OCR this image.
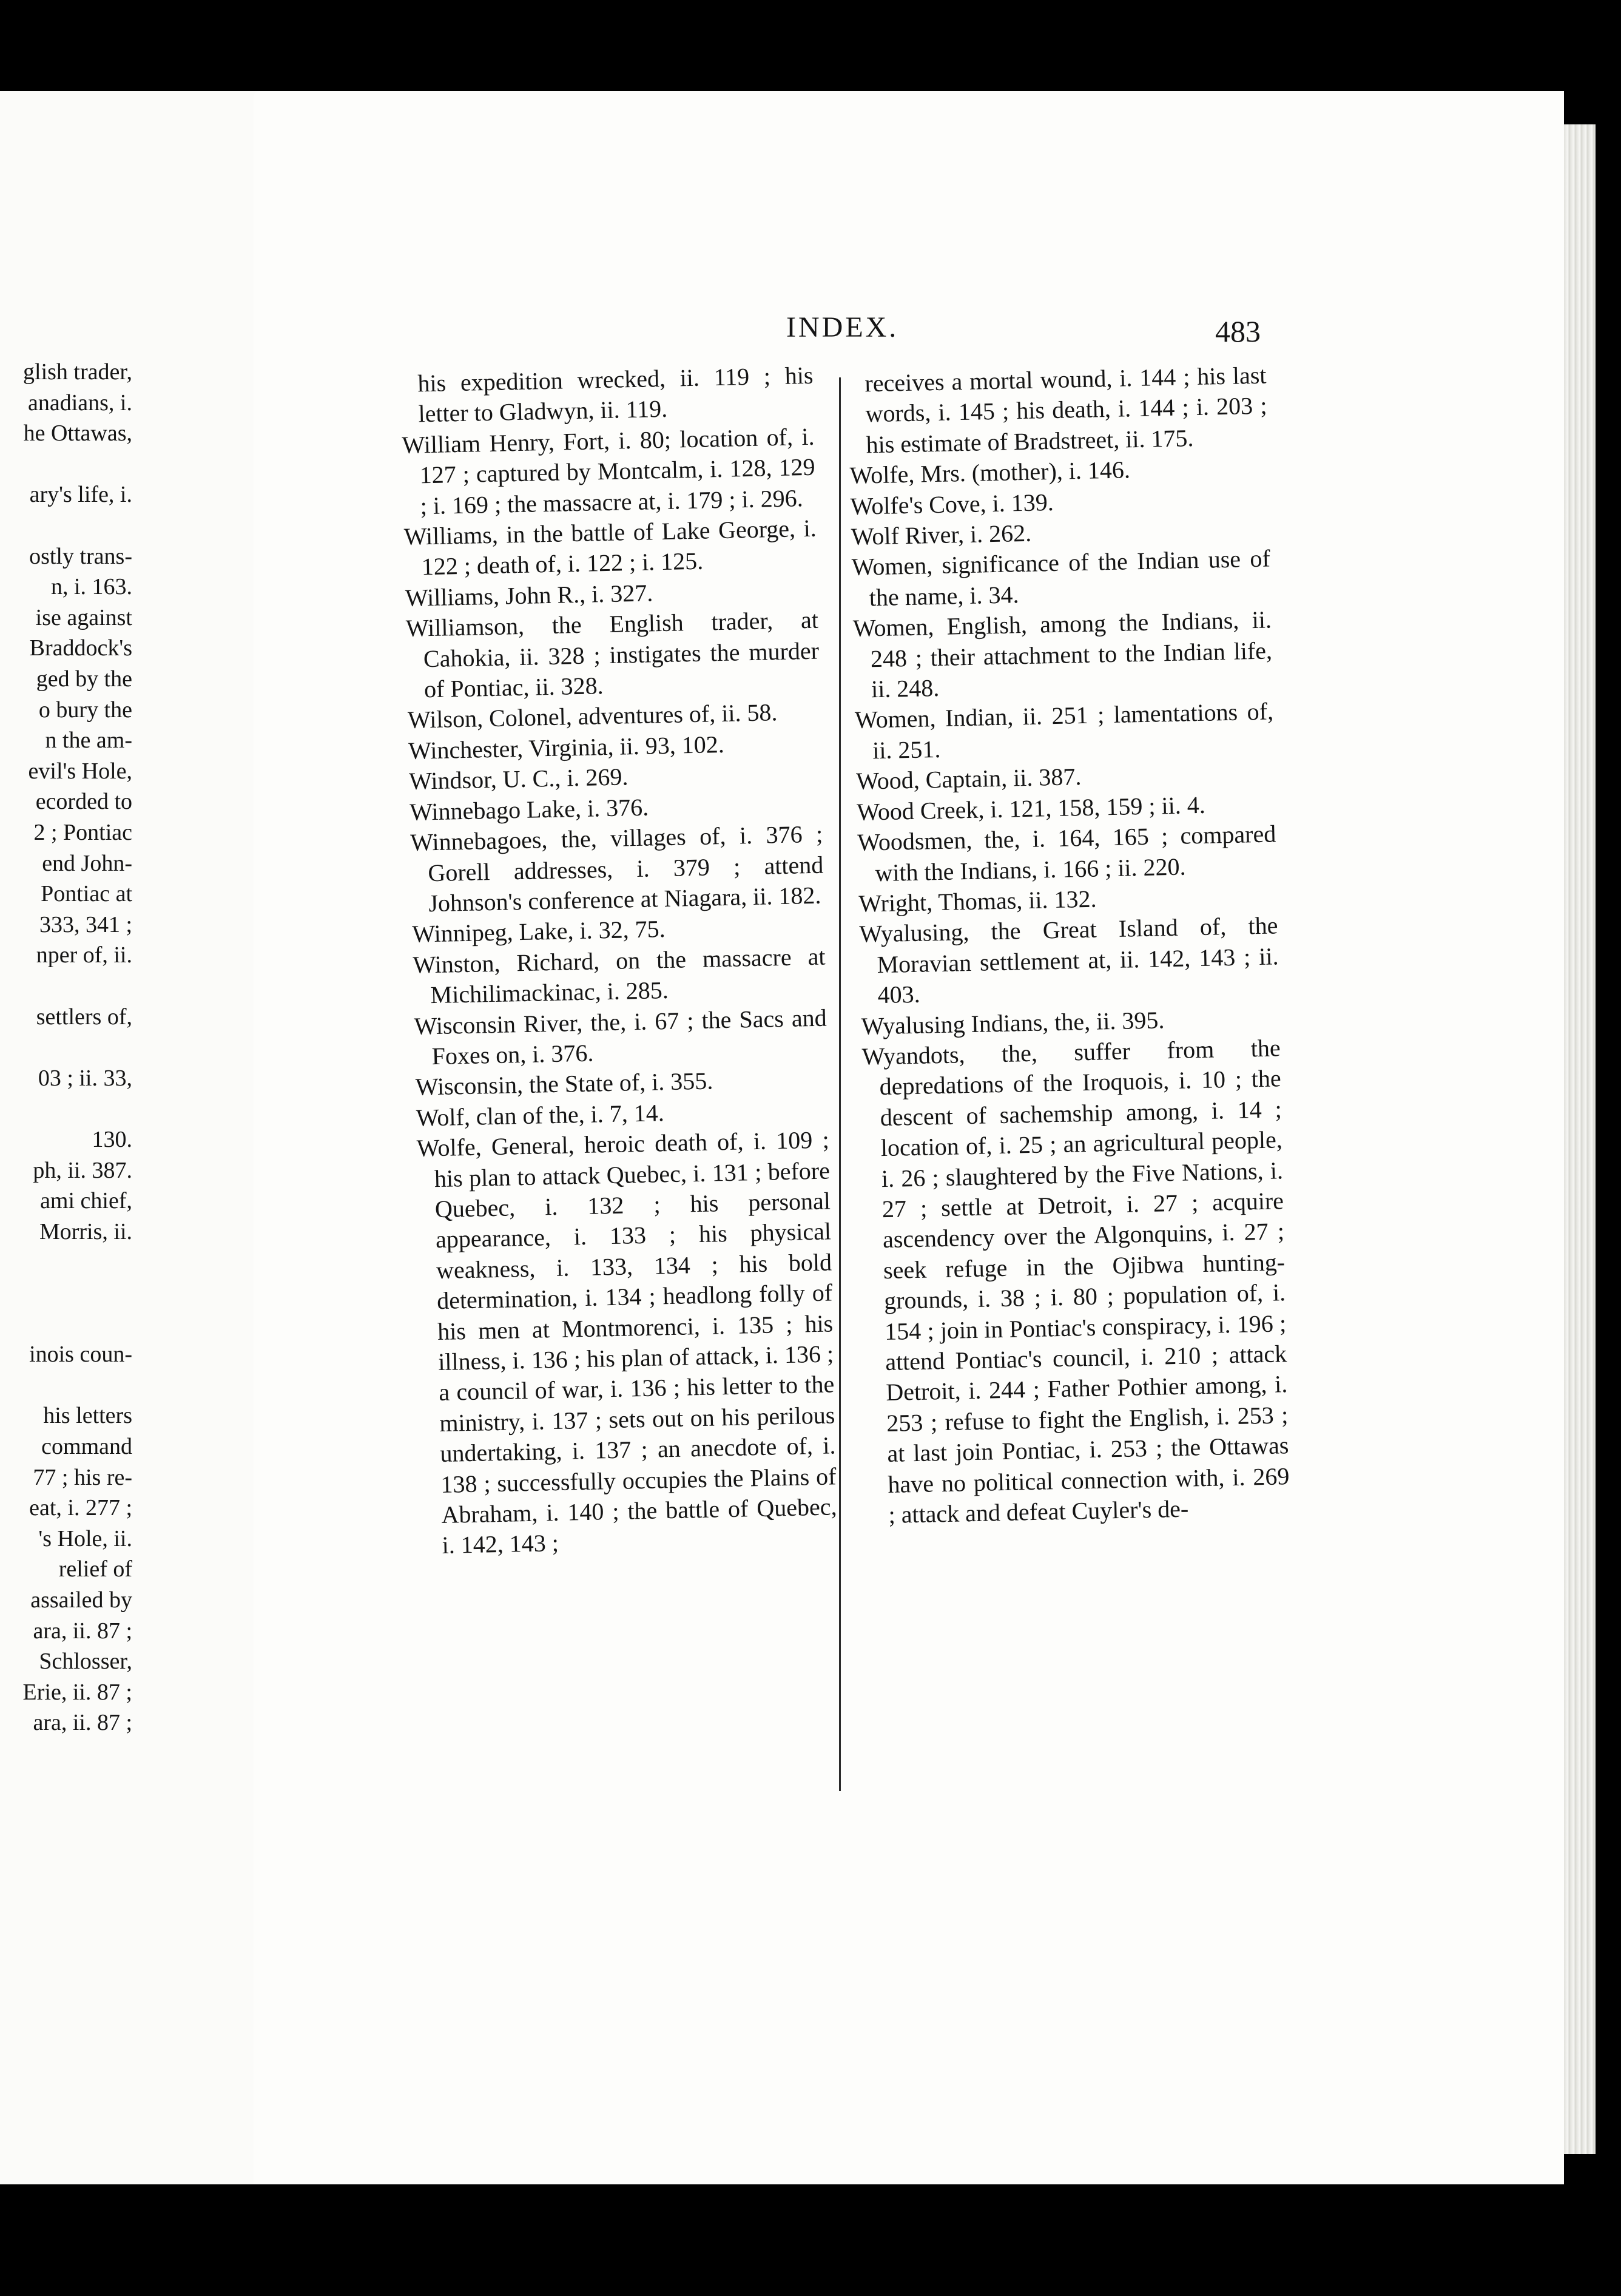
glish trader,
anadians, i.
he Ottawas,
ary's life, i.
ostly trans-
n, i. 163.
ise against
Braddock's
ged by the
o bury the
n the am-
evil's Hole,
ecorded to
2 ; Pontiac
end John-
Pontiac at
333, 341 ;
nper of, ii.
settlers of,
03 ; ii. 33,
130.
ph, ii. 387.
ami chief,
Morris, ii.
inois coun-
his letters
command
77 ; his re-
eat, i. 277 ;
's Hole, ii.
relief of
assailed by
ara, ii. 87 ;
Schlosser,
Erie, ii. 87 ;
ara, ii. 87 ;
INDEX.	483

his expedition wrecked, ii. 119 ; his letter to Gladwyn, ii. 119.

William Henry, Fort, i. 80; location of, i. 127 ; captured by Montcalm, i. 128, 129 ; i. 169 ; the massacre at, i. 179 ; i. 296.

Williams, in the battle of Lake George, i. 122 ; death of, i. 122 ; i. 125.

Williams, John R., i. 327.

Williamson, the English trader, at Cahokia, ii. 328 ; instigates the murder of Pontiac, ii. 328.

Wilson, Colonel, adventures of, ii. 58.

Winchester, Virginia, ii. 93, 102.

Windsor, U. C., i. 269.

Winnebago Lake, i. 376.

Winnebagoes, the, villages of, i. 376 ; Gorell addresses, i. 379 ; attend Johnson's conference at Niagara, ii. 182.

Winnipeg, Lake, i. 32, 75.

Winston, Richard, on the massacre at Michilimackinac, i. 285.

Wisconsin River, the, i. 67 ; the Sacs and Foxes on, i. 376.

Wisconsin, the State of, i. 355.

Wolf, clan of the, i. 7, 14.

Wolfe, General, heroic death of, i. 109 ; his plan to attack Quebec, i. 131 ; before Quebec, i. 132 ; his personal appearance, i. 133 ; his physical weakness, i. 133, 134 ; his bold determination, i. 134 ; headlong folly of his men at Montmorenci, i. 135 ; his illness, i. 136 ; his plan of attack, i. 136 ; a council of war, i. 136 ; his letter to the ministry, i. 137 ; sets out on his perilous undertaking, i. 137 ; an anecdote of, i. 138 ; successfully occupies the Plains of Abraham, i. 140 ; the battle of Quebec, i. 142, 143 ;

receives a mortal wound, i. 144 ; his last words, i. 145 ; his death, i. 144 ; i. 203 ; his estimate of Bradstreet, ii. 175.

Wolfe, Mrs. (mother), i. 146.

Wolfe's Cove, i. 139.

Wolf River, i. 262.

Women, significance of the Indian use of the name, i. 34.

Women, English, among the Indians, ii. 248 ; their attachment to the Indian life, ii. 248.

Women, Indian, ii. 251 ; lamentations of, ii. 251.

Wood, Captain, ii. 387.

Wood Creek, i. 121, 158, 159 ; ii. 4.

Woodsmen, the, i. 164, 165 ; compared with the Indians, i. 166 ; ii. 220.

Wright, Thomas, ii. 132.

Wyalusing, the Great Island of, the Moravian settlement at, ii. 142, 143 ; ii. 403.

Wyalusing Indians, the, ii. 395.

Wyandots, the, suffer from the depredations of the Iroquois, i. 10 ; the descent of sachemship among, i. 14 ; location of, i. 25 ; an agricultural people, i. 26 ; slaughtered by the Five Nations, i. 27 ; settle at Detroit, i. 27 ; acquire ascendency over the Algonquins, i. 27 ; seek refuge in the Ojibwa hunting-grounds, i. 38 ; i. 80 ; population of, i. 154 ; join in Pontiac's conspiracy, i. 196 ; attend Pontiac's council, i. 210 ; attack Detroit, i. 244 ; Father Pothier among, i. 253 ; refuse to fight the English, i. 253 ; at last join Pontiac, i. 253 ; the Ottawas have no political connection with, i. 269 ; attack and defeat Cuyler's de-
